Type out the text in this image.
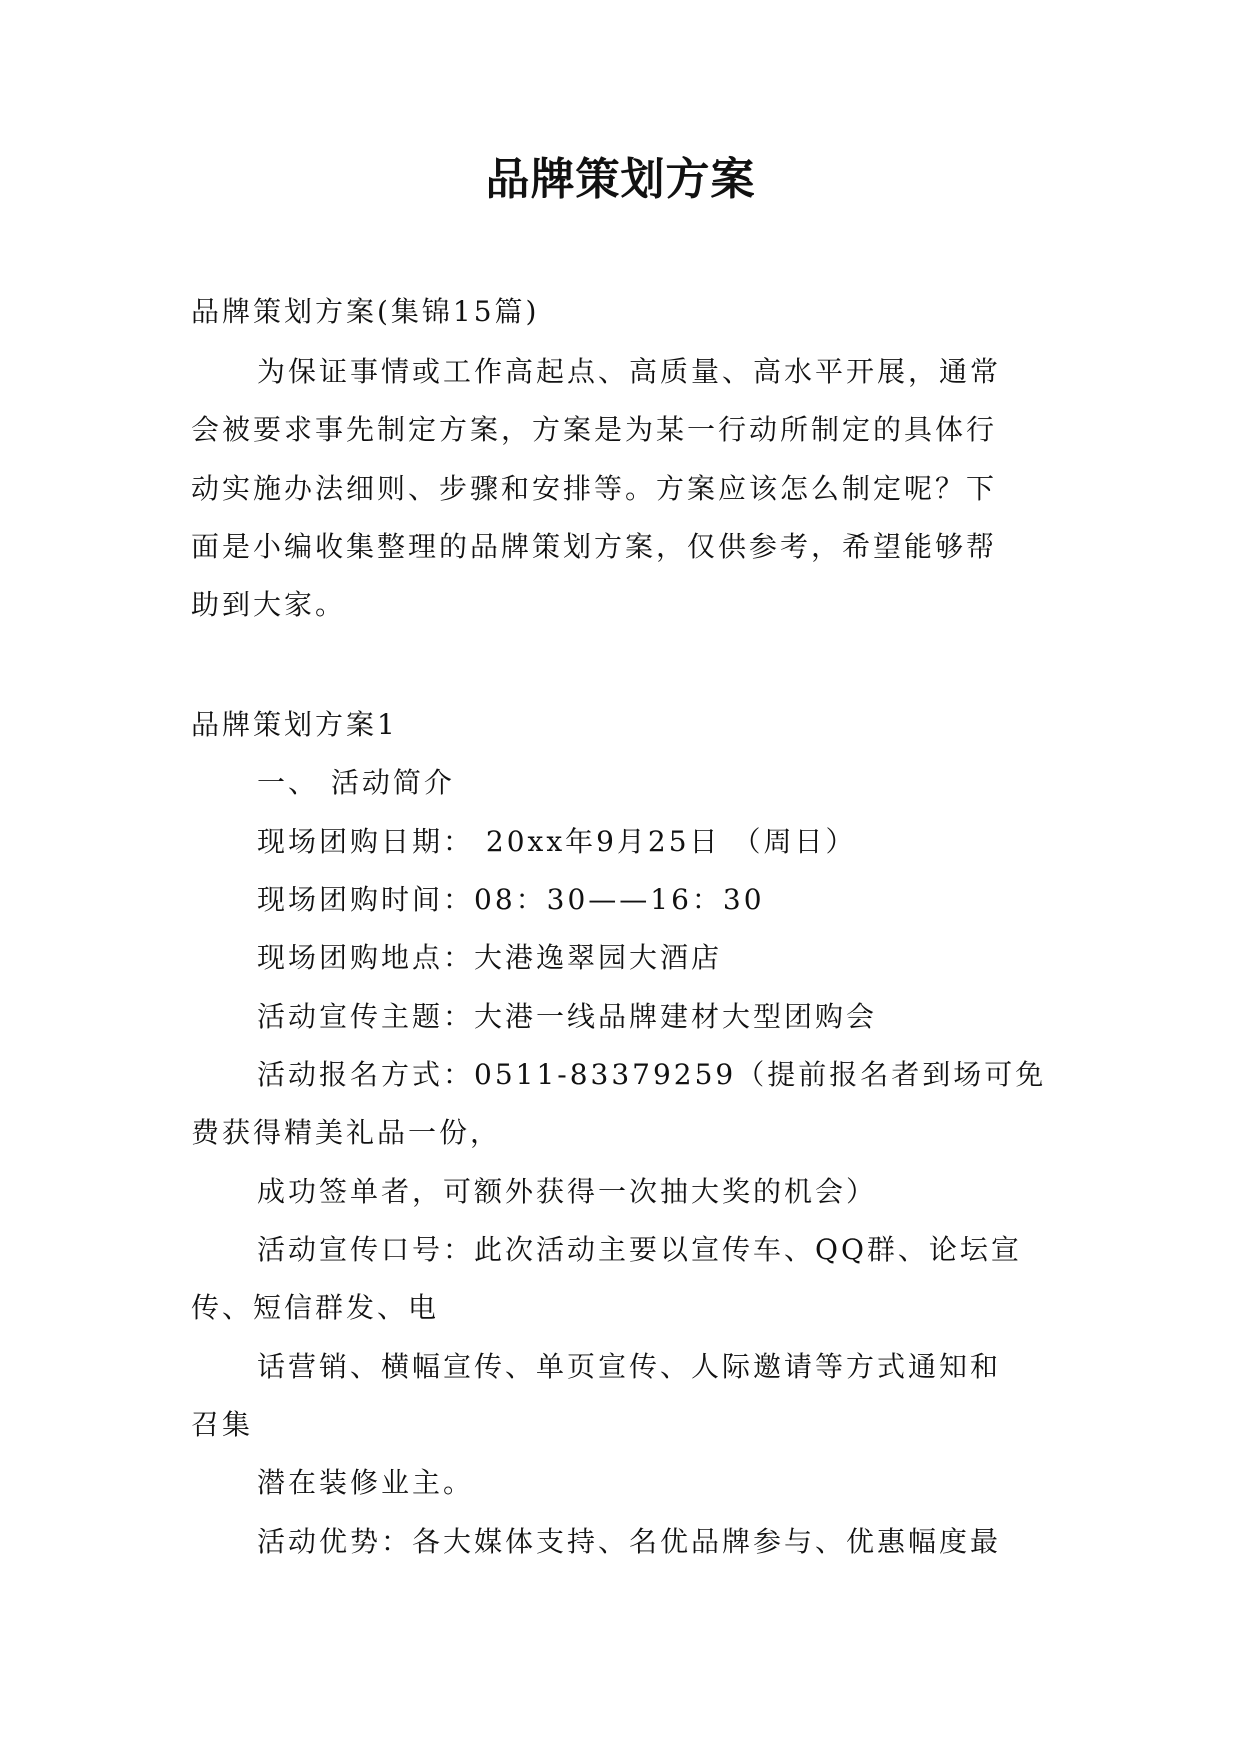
品牌策划方案

品牌策划方案(集锦15篇)

为保证事情或工作高起点、高质量、高水平开展，通常

会被要求事先制定方案，方案是为某一行动所制定的具体行

动实施办法细则、步骤和安排等。方案应该怎么制定呢？下

面是小编收集整理的品牌策划方案，仅供参考，希望能够帮

助到大家。

品牌策划方案1

一、 活动简介

现场团购日期： 20xx年9月25日 （周日）

现场团购时间：08：30——16：30

现场团购地点：大港逸翠园大酒店

活动宣传主题：大港一线品牌建材大型团购会

活动报名方式：0511-83379259（提前报名者到场可免

费获得精美礼品一份，

成功签单者，可额外获得一次抽大奖的机会）

活动宣传口号：此次活动主要以宣传车、QQ群、论坛宣

传、短信群发、电

话营销、横幅宣传、单页宣传、人际邀请等方式通知和

召集

潜在装修业主。

活动优势：各大媒体支持、名优品牌参与、优惠幅度最
